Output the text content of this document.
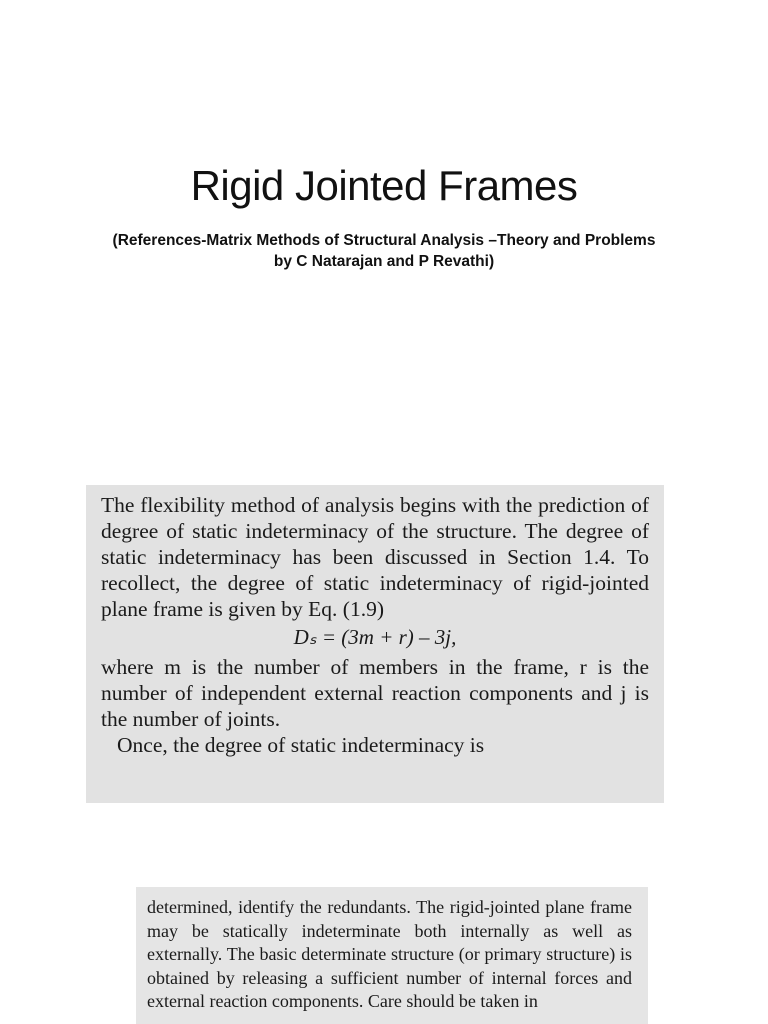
Rigid Jointed Frames
(References-Matrix Methods of Structural Analysis –Theory and Problems by C Natarajan and P Revathi)

The flexibility method of analysis begins with the prediction of degree of static indeterminacy of the structure. The degree of static indeterminacy has been discussed in Section 1.4. To recollect, the degree of static indeterminacy of rigid-jointed plane frame is given by Eq. (1.9)

Dₛ = (3m + r) – 3j,

where m is the number of members in the frame, r is the number of independent external reaction components and j is the number of joints.

Once, the degree of static indeterminacy is

determined, identify the redundants. The rigid-jointed plane frame may be statically indeterminate both internally as well as externally. The basic determinate structure (or primary structure) is obtained by releasing a sufficient number of internal forces and external reaction components. Care should be taken in
